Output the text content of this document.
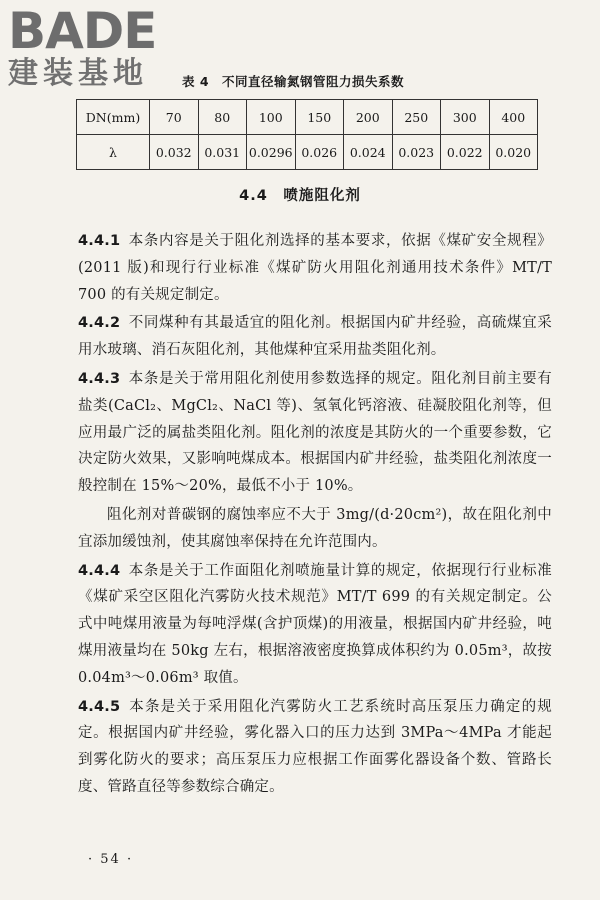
BADE
建装基地	表 4　不同直径输氮钢管阻力损失系数
DN(mm)	70	80	100	150	200	250	300	400
λ	0.032	0.031	0.0296	0.026	0.024	0.023	0.022	0.020
4.4　喷施阻化剂

4.4.1 本条内容是关于阻化剂选择的基本要求，依据《煤矿安全规程》(2011 版)和现行行业标准《煤矿防火用阻化剂通用技术条件》MT/T 700 的有关规定制定。

4.4.2 不同煤种有其最适宜的阻化剂。根据国内矿井经验，高硫煤宜采用水玻璃、消石灰阻化剂，其他煤种宜采用盐类阻化剂。

4.4.3 本条是关于常用阻化剂使用参数选择的规定。阻化剂目前主要有盐类(CaCl₂、MgCl₂、NaCl 等)、氢氧化钙溶液、硅凝胶阻化剂等，但应用最广泛的属盐类阻化剂。阻化剂的浓度是其防火的一个重要参数，它决定防火效果，又影响吨煤成本。根据国内矿井经验，盐类阻化剂浓度一般控制在 15%～20%，最低不小于 10%。

阻化剂对普碳钢的腐蚀率应不大于 3mg/(d·20cm²)，故在阻化剂中宜添加缓蚀剂，使其腐蚀率保持在允许范围内。

4.4.4 本条是关于工作面阻化剂喷施量计算的规定，依据现行行业标准《煤矿采空区阻化汽雾防火技术规范》MT/T 699 的有关规定制定。公式中吨煤用液量为每吨浮煤(含护顶煤)的用液量，根据国内矿井经验，吨煤用液量均在 50kg 左右，根据溶液密度换算成体积约为 0.05m³，故按 0.04m³～0.06m³ 取值。

4.4.5 本条是关于采用阻化汽雾防火工艺系统时高压泵压力确定的规定。根据国内矿井经验，雾化器入口的压力达到 3MPa～4MPa 才能起到雾化防火的要求；高压泵压力应根据工作面雾化器设备个数、管路长度、管路直径等参数综合确定。

· 54 ·
